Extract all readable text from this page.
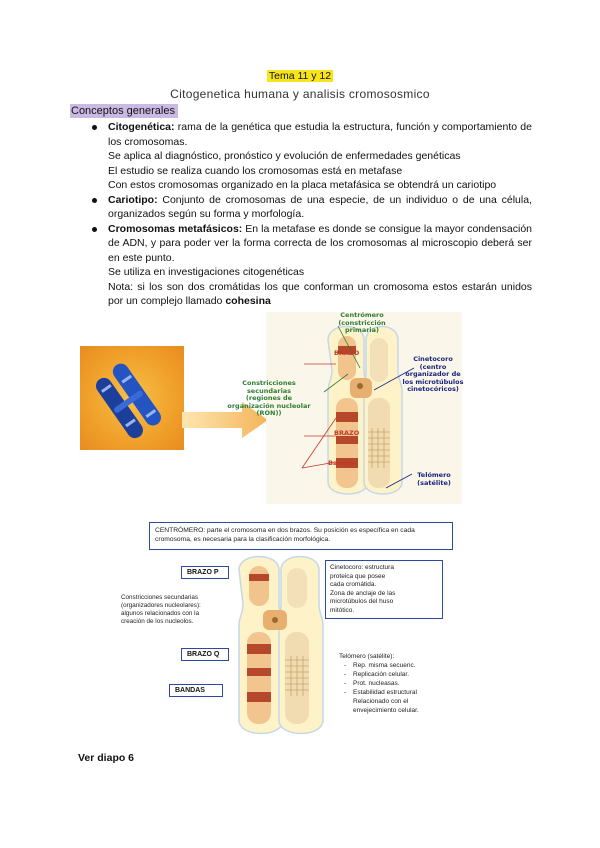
Tema 11 y 12
Citogenetica humana y analisis cromososmico
Conceptos generales

Citogenética: rama de la genética que estudia la estructura, función y comportamiento de los cromosomas.

Se aplica al diagnóstico, pronóstico y evolución de enfermedades genéticas

El estudio se realiza cuando los cromosomas está en metafase

Con estos cromosomas organizado en la placa metafásica se obtendrá un cariotipo

Cariotipo: Conjunto de cromosomas de una especie, de un individuo o de una célula, organizados según su forma y morfología.

Cromosomas metafásicos: En la metafase es donde se consigue la mayor condensación de ADN, y para poder ver la forma correcta de los cromosomas al microscopio deberá ser en este punto.

Se utiliza en investigaciones citogenéticas

Nota: si los son dos cromátidas los que conforman un cromosoma estos estarán unidos por un complejo llamado cohesina

BRAZO
BRAZO
Bandas
Centrómero
(constricción primaria)
Constricciones
secundarias
(regiones de
organización nucleolar
(RON))
Cinetocoro
(centro
organizador de
los microtúbulos
cinetocóricos)
Telómero
(satélite)
CENTRÓMERO: parte el cromosoma en dos brazos. Su posición es específica en cada cromosoma, es necesaria para la clasificación morfológica.
BRAZO P
BRAZO Q
BANDAS
Constricciones secundarias
(organizadores nucleolares):
algunos relacionados con la
creación de los nucleolos.
Cinetocoro: estructura
proteica que posee
cada cromátida.
Zona de anclaje de las
microtúbulos del huso
mitótico.
Telómero (satélite):
- Rep. misma secuenc.
- Replicación celular.
- Prot. nucleasas.
- Estabilidad estructural
Relacionado con el
envejecimiento celular.
Ver diapo 6
